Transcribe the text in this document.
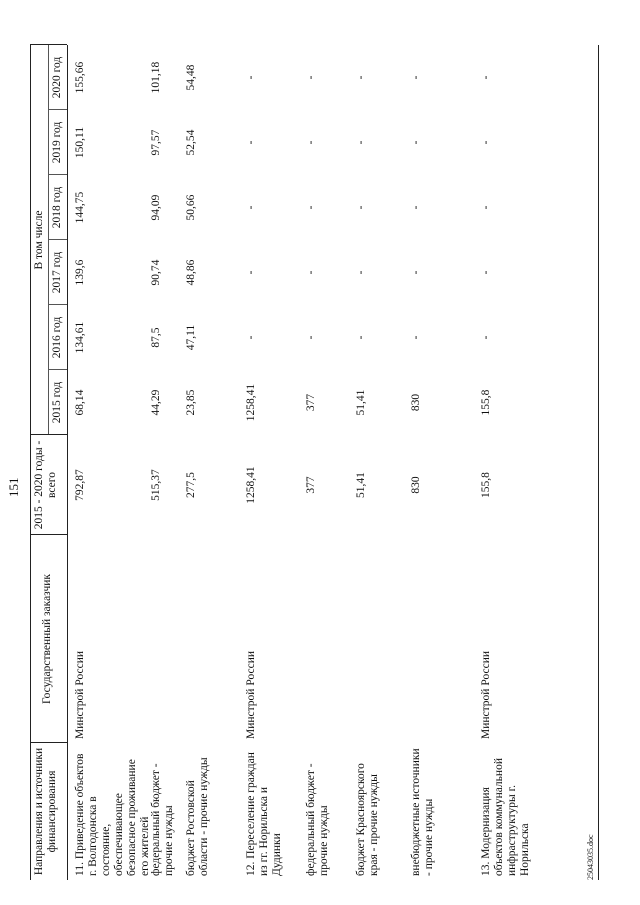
151
Направления и источники финансирования
Государственный заказчик
2015 - 2020 годы - всего
В том числе
2015 год
2016 год
2017 год
2018 год
2019 год
2020 год
11. Приведение объектов г. Волгодонска в состояние, обеспечивающее безопасное проживание его жителей
Минстрой России
792,87
68,14
134,61
139,6
144,75
150,11
155,66
федеральный бюджет - прочие нужды
515,37
44,29
87,5
90,74
94,09
97,57
101,18
бюджет Ростовской области - прочие нужды
277,5
23,85
47,11
48,86
50,66
52,54
54,48
12. Переселение граждан из гг. Норильска и Дудинки
Минстрой России
1258,41
1258,41
-
-
-
-
-
федеральный бюджет - прочие нужды
377
377
-
-
-
-
-
бюджет Красноярского края - прочие нужды
51,41
51,41
-
-
-
-
-
внебюджетные источники - прочие нужды
830
830
-
-
-
-
-
13. Модернизация объектов коммунальной инфраструктуры г. Норильска
Минстрой России
155,8
155,8
-
-
-
-
-
25043035.doc
